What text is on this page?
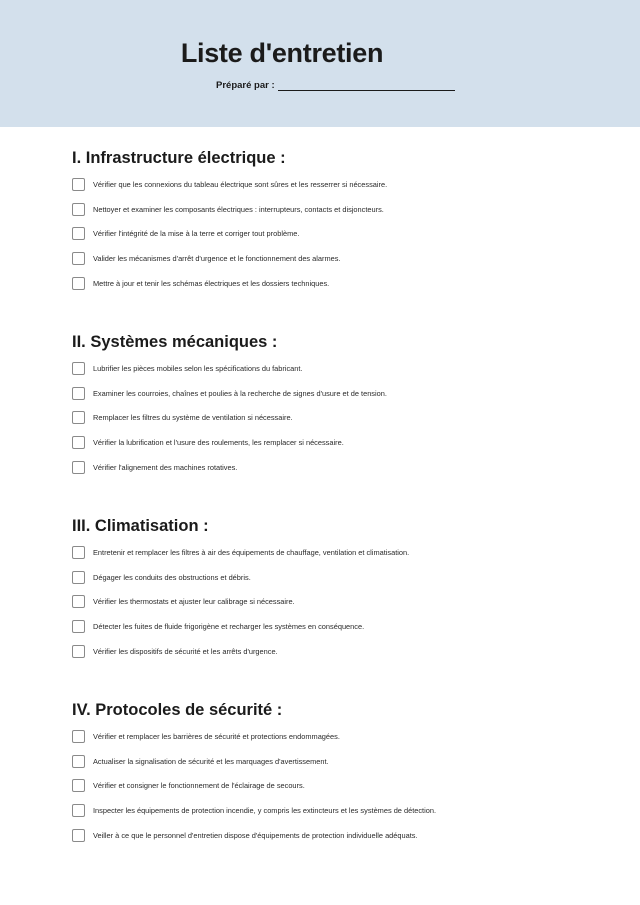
Liste d'entretien
Préparé par :
I. Infrastructure électrique :
Vérifier que les connexions du tableau électrique sont sûres et les resserrer si nécessaire.
Nettoyer et examiner les composants électriques : interrupteurs, contacts et disjoncteurs.
Vérifier l'intégrité de la mise à la terre et corriger tout problème.
Valider les mécanismes d'arrêt d'urgence et le fonctionnement des alarmes.
Mettre à jour et tenir les schémas électriques et les dossiers techniques.
II. Systèmes mécaniques :
Lubrifier les pièces mobiles selon les spécifications du fabricant.
Examiner les courroies, chaînes et poulies à la recherche de signes d'usure et de tension.
Remplacer les filtres du système de ventilation si nécessaire.
Vérifier la lubrification et l'usure des roulements, les remplacer si nécessaire.
Vérifier l'alignement des machines rotatives.
III. Climatisation :
Entretenir et remplacer les filtres à air des équipements de chauffage, ventilation et climatisation.
Dégager les conduits des obstructions et débris.
Vérifier les thermostats et ajuster leur calibrage si nécessaire.
Détecter les fuites de fluide frigorigène et recharger les systèmes en conséquence.
Vérifier les dispositifs de sécurité et les arrêts d'urgence.
IV. Protocoles de sécurité :
Vérifier et remplacer les barrières de sécurité et protections endommagées.
Actualiser la signalisation de sécurité et les marquages d'avertissement.
Vérifier et consigner le fonctionnement de l'éclairage de secours.
Inspecter les équipements de protection incendie, y compris les extincteurs et les systèmes de détection.
Veiller à ce que le personnel d'entretien dispose d'équipements de protection individuelle adéquats.
